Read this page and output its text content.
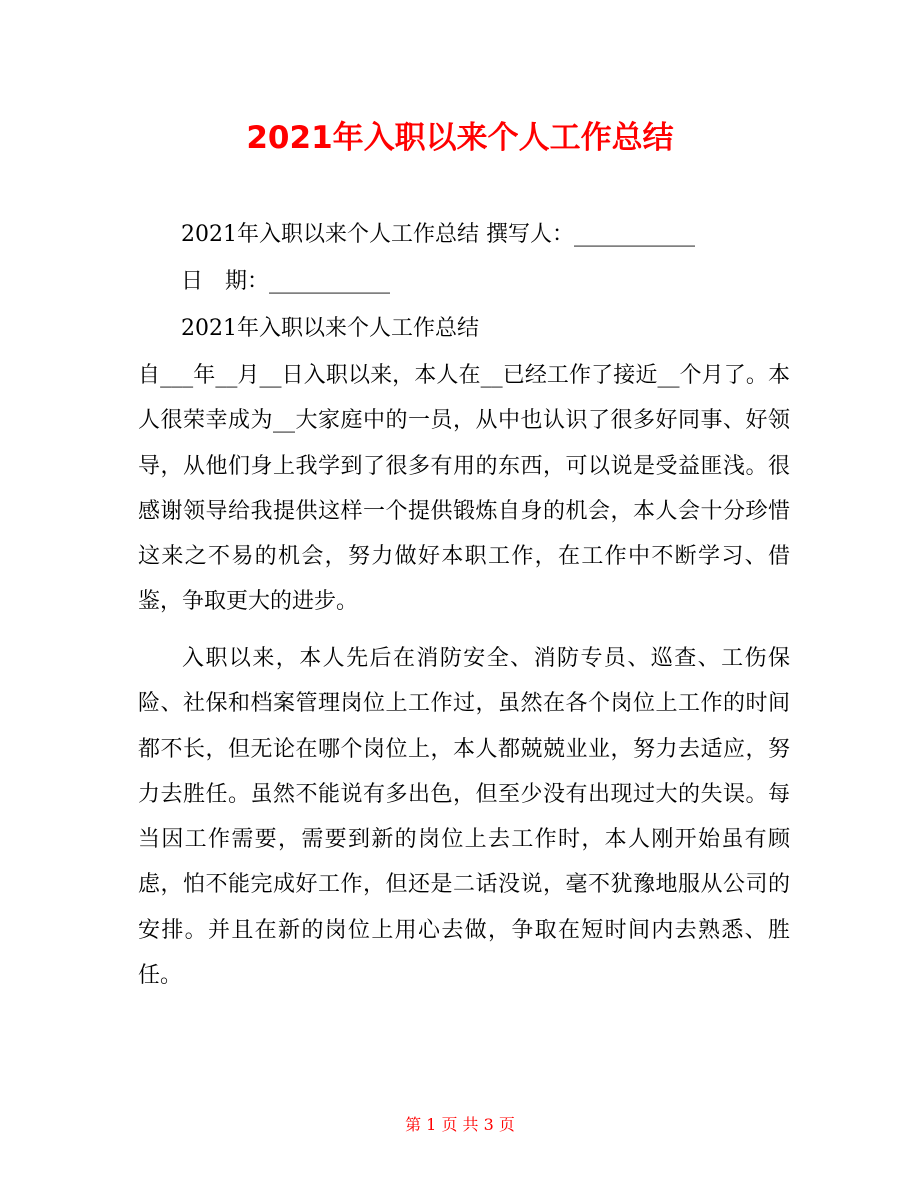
2021年入职以来个人工作总结
2021年入职以来个人工作总结 撰写人：___________
日　期：___________
2021年入职以来个人工作总结

自___年__月__日入职以来，本人在__已经工作了接近__个月了。本人很荣幸成为__大家庭中的一员，从中也认识了很多好同事、好领导，从他们身上我学到了很多有用的东西，可以说是受益匪浅。很感谢领导给我提供这样一个提供锻炼自身的机会，本人会十分珍惜这来之不易的机会，努力做好本职工作，在工作中不断学习、借鉴，争取更大的进步。

入职以来，本人先后在消防安全、消防专员、巡查、工伤保险、社保和档案管理岗位上工作过，虽然在各个岗位上工作的时间都不长，但无论在哪个岗位上，本人都兢兢业业，努力去适应，努力去胜任。虽然不能说有多出色，但至少没有出现过大的失误。每当因工作需要，需要到新的岗位上去工作时，本人刚开始虽有顾虑，怕不能完成好工作，但还是二话没说，毫不犹豫地服从公司的安排。并且在新的岗位上用心去做，争取在短时间内去熟悉、胜任。

第 1 页 共 3 页
